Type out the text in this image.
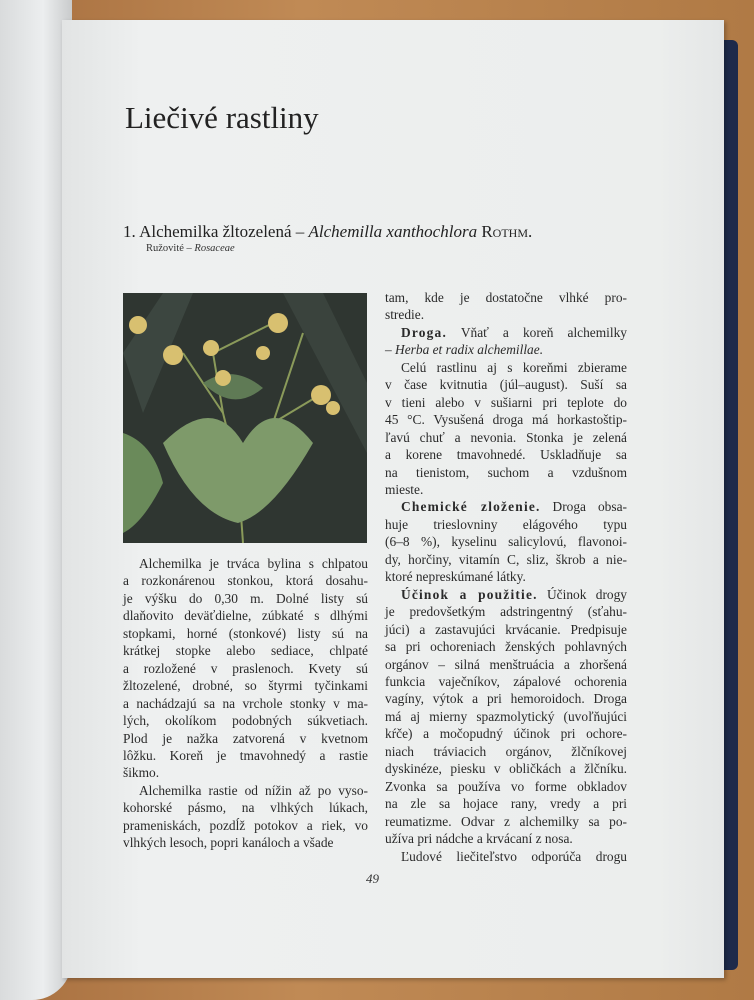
Liečivé rastliny
1. Alchemilka žltozelená – Alchemilla xanthochlora Rothm.
Ružovité – Rosaceae
Alchemilka je trváca bylina s chlpatou
a rozkonárenou stonkou, ktorá dosahu-
je výšku do 0,30 m. Dolné listy sú
dlaňovito deväťdielne, zúbkaté s dlhými
stopkami, horné (stonkové) listy sú na
krátkej stopke alebo sediace, chlpaté
a rozložené v praslenoch. Kvety sú
žltozelené, drobné, so štyrmi tyčinkami
a nachádzajú sa na vrchole stonky v ma-
lých, okolíkom podobných súkvetiach.
Plod je nažka zatvorená v kvetnom
lôžku. Koreň je tmavohnedý a rastie
šikmo.
Alchemilka rastie od nížin až po vyso-
kohorské pásmo, na vlhkých lúkach,
prameniskách, pozdĺž potokov a riek, vo
vlhkých lesoch, popri kanáloch a všade
tam, kde je dostatočne vlhké pro-
stredie.
Droga. Vňať a koreň alchemilky
– Herba et radix alchemillae.
Celú rastlinu aj s koreňmi zbierame
v čase kvitnutia (júl–august). Suší sa
v tieni alebo v sušiarni pri teplote do
45 °C. Vysušená droga má horkastoštip-
ľavú chuť a nevonia. Stonka je zelená
a korene tmavohnedé. Uskladňuje sa
na tienistom, suchom a vzdušnom
mieste.
Chemické zloženie. Droga obsa-
huje trieslovniny elágového typu
(6–8 %), kyselinu salicylovú, flavonoi-
dy, horčiny, vitamín C, sliz, škrob a nie-
ktoré nepreskúmané látky.
Účinok a použitie. Účinok drogy
je predovšetkým adstringentný (sťahu-
júci) a zastavujúci krvácanie. Predpisuje
sa pri ochoreniach ženských pohlavných
orgánov – silná menštruácia a zhoršená
funkcia vaječníkov, zápalové ochorenia
vagíny, výtok a pri hemoroidoch. Droga
má aj mierny spazmolytický (uvoľňujúci
kŕče) a močopudný účinok pri ochore-
niach tráviacich orgánov, žlčníkovej
dyskinéze, piesku v obličkách a žlčníku.
Zvonka sa používa vo forme obkladov
na zle sa hojace rany, vredy a pri
reumatizme. Odvar z alchemilky sa po-
užíva pri nádche a krvácaní z nosa.
Ľudové liečiteľstvo odporúča drogu
49
